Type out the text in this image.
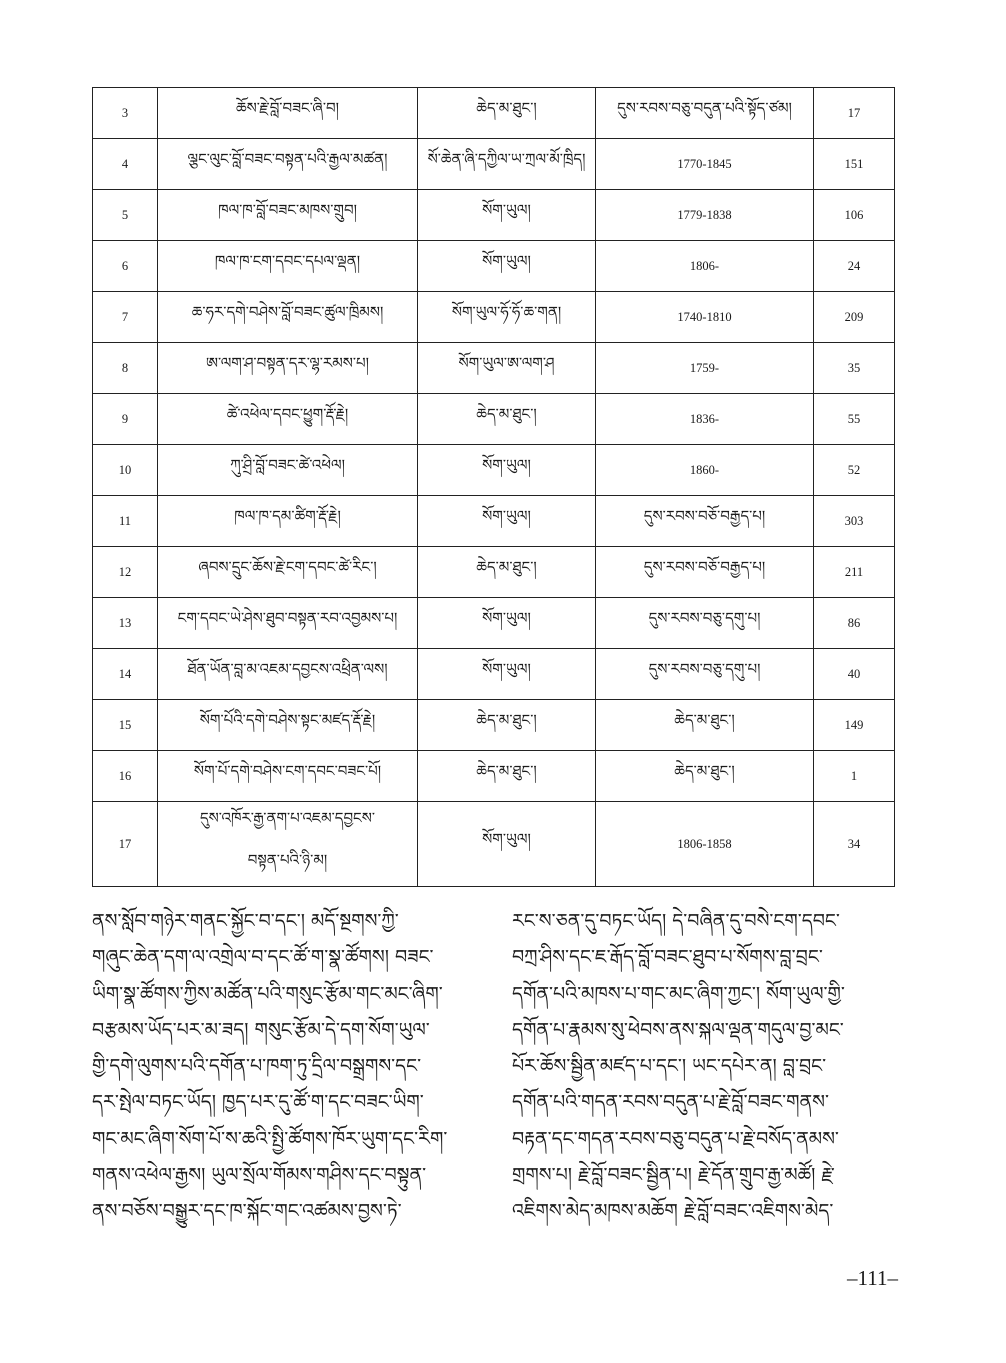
3	ཆོས་རྗེ་བློ་བཟང་ཞི་བ།	ཆེད་མ་ཐུང་།	དུས་རབས་བཅུ་བདུན་པའི་སྟོད་ཙམ།	17
4	ལྕང་ལུང་བློ་བཟང་བསྟན་པའི་རྒྱལ་མཚན།	སོ་ཆེན་ཞི་དཀྱིལ་ཡ་ཀྲལ་མོ་ཁྲིད།	1770-1845	151
5	ཁལ་ཁ་བློ་བཟང་མཁས་གྲུབ།	སོག་ཡུལ།	1779-1838	106
6	ཁལ་ཁ་ངག་དབང་དཔལ་ལྡན།	སོག་ཡུལ།	1806-	24
7	ཆ་ཧར་དགེ་བཤེས་བློ་བཟང་ཚུལ་ཁྲིམས།	སོག་ཡུལ་ཧོ་ཧོ་ཆ་གན།	1740-1810	209
8	ཨ་ལག་ཤ་བསྟན་དར་ལྷ་རམས་པ།	སོག་ཡུལ་ཨ་ལག་ཤ	1759-	35
9	ཚེ་འཕེལ་དབང་ཕྱུག་རྡོ་རྗེ།	ཆེད་མ་ཐུང་།	1836-	55
10	ཀུ་ཤྲི་བློ་བཟང་ཚེ་འཕེལ།	སོག་ཡུལ།	1860-	52
11	ཁལ་ཁ་དམ་ཚིག་རྡོ་རྗེ།	སོག་ཡུལ།	དུས་རབས་བཅོ་བརྒྱད་པ།	303
12	ཞབས་དྲུང་ཆོས་རྗེ་ངག་དབང་ཚེ་རིང་།	ཆེད་མ་ཐུང་།	དུས་རབས་བཅོ་བརྒྱད་པ།	211
13	ངག་དབང་ཡེ་ཤེས་ཐུབ་བསྟན་རབ་འབྱམས་པ།	སོག་ཡུལ།	དུས་རབས་བཅུ་དགུ་པ།	86
14	ཐོན་ཡོན་བླ་མ་འཇམ་དབྱངས་འཕྲིན་ལས།	སོག་ཡུལ།	དུས་རབས་བཅུ་དགུ་པ།	40
15	སོག་པོའི་དགེ་བཤེས་སྟང་མཛད་རྡོ་རྗེ།	ཆེད་མ་ཐུང་།	ཆེད་མ་ཐུང་།	149
16	སོག་པོ་དགེ་བཤེས་ངག་དབང་བཟང་པོ།	ཆེད་མ་ཐུང་།	ཆེད་མ་ཐུང་།	1
17	དུས་འཁོར་རྒྱ་ནག་པ་འཇམ་དབྱངས་
བསྟན་པའི་ཉི་མ།	སོག་ཡུལ།	1806-1858	34

ནས་སློབ་གཉེར་གནང་སྐྱོང་བ་དང་། མདོ་སྔགས་ཀྱི་

གཞུང་ཆེན་དག་ལ་འགྲེལ་བ་དང་ཚོ་ག་སྣ་ཚོགས། བཟང་

ཡིག་སྣ་ཚོགས་ཀྱིས་མཚོན་པའི་གསུང་རྩོམ་གང་མང་ཞིག་

བརྩམས་ཡོད་པར་མ་ཟད། གསུང་རྩོམ་དེ་དག་སོག་ཡུལ་

གྱི་དགེ་ལུགས་པའི་དགོན་པ་ཁག་ཏུ་དྲིལ་བསྒྲགས་དང་

དར་སྤེལ་བཏང་ཡོད། ཁྱད་པར་དུ་ཚོ་ག་དང་བཟང་ཡིག་

གང་མང་ཞིག་སོག་པོ་ས་ཆའི་སྤྱི་ཚོགས་ཁོར་ཡུག་དང་རིག་

གནས་འཕེལ་རྒྱས། ཡུལ་སྲོལ་གོམས་གཤིས་དང་བསྟུན་

ནས་བཅོས་བསྒྱུར་དང་ཁ་སྐོང་གང་འཚམས་བྱས་ཏེ་

རང་ས་ཅན་དུ་བཏང་ཡོད། དེ་བཞིན་དུ་བསེ་ངག་དབང་

བཀྲ་ཤིས་དང་ཇ་རྒོད་བློ་བཟང་ཐུབ་པ་སོགས་བླ་བྲང་

དགོན་པའི་མཁས་པ་གང་མང་ཞིག་ཀྱང་། སོག་ཡུལ་གྱི་

དགོན་པ་རྣམས་སུ་ཕེབས་ནས་སྐལ་ལྡན་གདུལ་བྱ་མང་

པོར་ཆོས་སྦྱིན་མཛད་པ་དང་། ཡང་དཔེར་ན། བླ་བྲང་

དགོན་པའི་གདན་རབས་བདུན་པ་རྗེ་བློ་བཟང་གནས་

བརྟན་དང་གདན་རབས་བཅུ་བདུན་པ་རྗེ་བསོད་ནམས་

གྲགས་པ། རྗེ་བློ་བཟང་སྦྱིན་པ། རྗེ་དོན་གྲུབ་རྒྱ་མཚོ། རྗེ་

འཇིགས་མེད་མཁས་མཆོག རྗེ་བློ་བཟང་འཇིགས་མེད་

–111–
